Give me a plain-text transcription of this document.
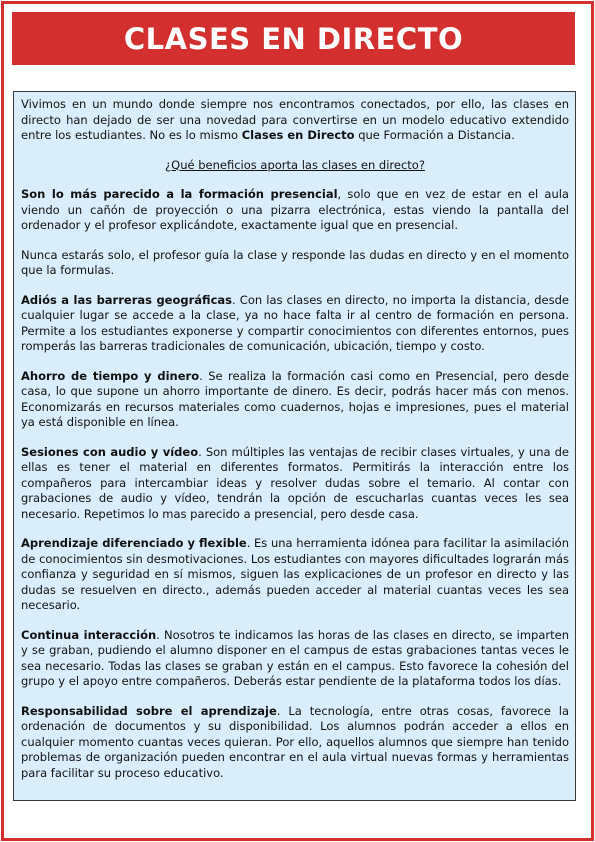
CLASES EN DIRECTO

Vivimos en un mundo donde siempre nos encontramos conectados, por ello, las clases en directo han dejado de ser una novedad para convertirse en un modelo educativo extendido entre los estudiantes. No es lo mismo Clases en Directo que Formación a Distancia.

¿Qué beneficios aporta las clases en directo?

Son lo más parecido a la formación presencial, solo que en vez de estar en el aula viendo un cañón de proyección o una pizarra electrónica, estas viendo la pantalla del ordenador y el profesor explicándote, exactamente igual que en presencial.

Nunca estarás solo, el profesor guía la clase y responde las dudas en directo y en el momento que la formulas.

Adiós a las barreras geográficas. Con las clases en directo, no importa la distancia, desde cualquier lugar se accede a la clase, ya no hace falta ir al centro de formación en persona. Permite a los estudiantes exponerse y compartir conocimientos con diferentes entornos, pues romperás las barreras tradicionales de comunicación, ubicación, tiempo y costo.

Ahorro de tiempo y dinero. Se realiza la formación casi como en Presencial, pero desde casa, lo que supone un ahorro importante de dinero. Es decir, podrás hacer más con menos. Economizarás en recursos materiales como cuadernos, hojas e impresiones, pues el material ya está disponible en línea.

Sesiones con audio y vídeo. Son múltiples las ventajas de recibir clases virtuales, y una de ellas es tener el material en diferentes formatos. Permitirás la interacción entre los compañeros para intercambiar ideas y resolver dudas sobre el temario. Al contar con grabaciones de audio y vídeo, tendrán la opción de escucharlas cuantas veces les sea necesario. Repetimos lo mas parecido a presencial, pero desde casa.

Aprendizaje diferenciado y flexible. Es una herramienta idónea para facilitar la asimilación de conocimientos sin desmotivaciones. Los estudiantes con mayores dificultades lograrán más confianza y seguridad en sí mismos, siguen las explicaciones de un profesor en directo y las dudas se resuelven en directo., además pueden acceder al material cuantas veces les sea necesario.

Continua interacción. Nosotros te indicamos las horas de las clases en directo, se imparten y se graban, pudiendo el alumno disponer en el campus de estas grabaciones tantas veces le sea necesario. Todas las clases se graban y están en el campus. Esto favorece la cohesión del grupo y el apoyo entre compañeros. Deberás estar pendiente de la plataforma todos los días.

Responsabilidad sobre el aprendizaje. La tecnología, entre otras cosas, favorece la ordenación de documentos y su disponibilidad. Los alumnos podrán acceder a ellos en cualquier momento cuantas veces quieran. Por ello, aquellos alumnos que siempre han tenido problemas de organización pueden encontrar en el aula virtual nuevas formas y herramientas para facilitar su proceso educativo.
